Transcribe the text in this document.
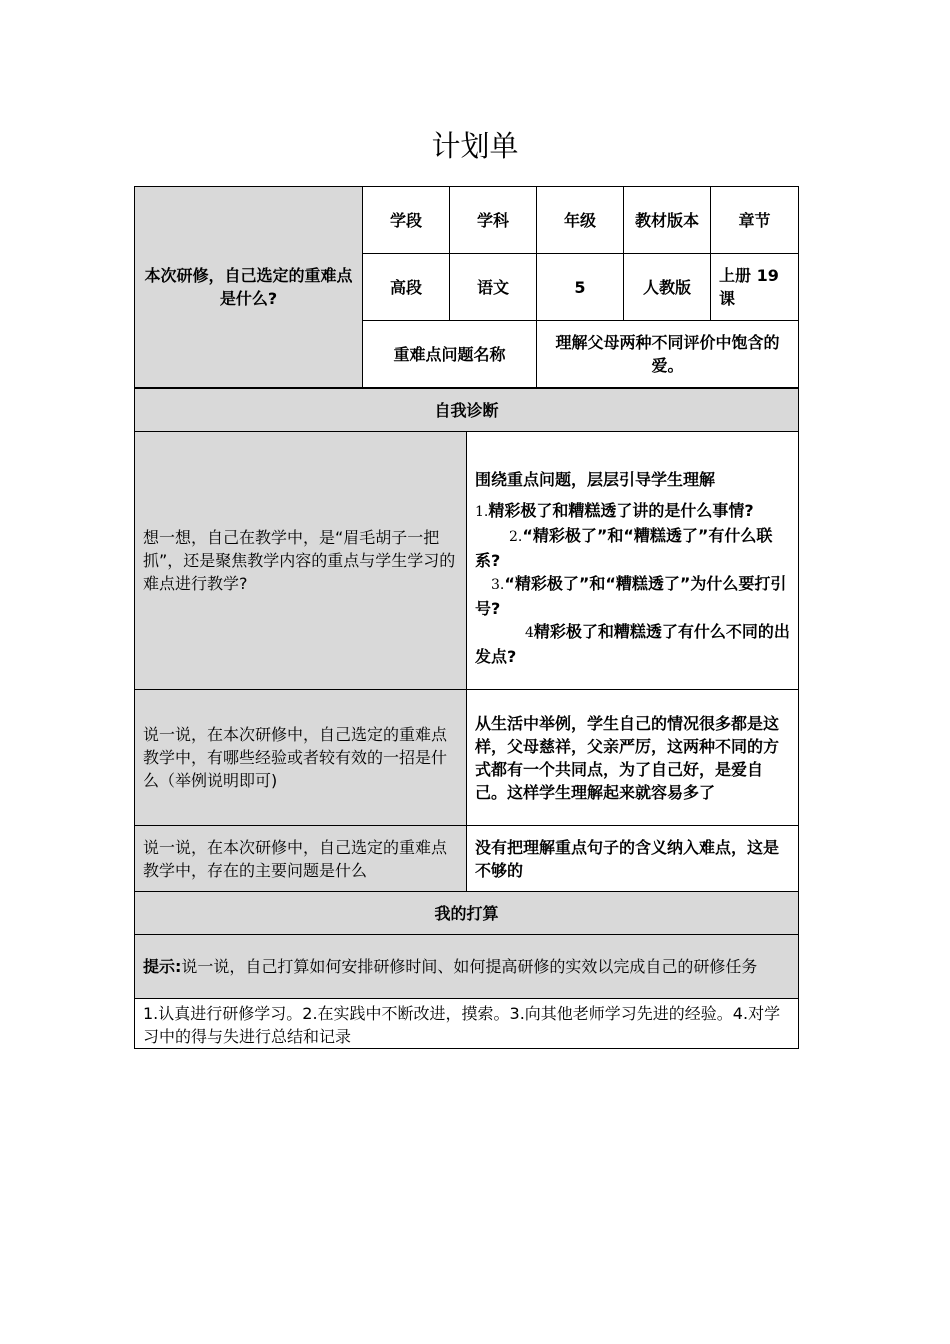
计划单
本次研修，自己选定的重难点是什么?	学段	学科	年级	教材版本	章节
	高段	语文	5	人教版	上册 19课
	重难点问题名称		理解父母两种不同评价中饱含的爱。		
自我诊断	
想一想，自己在教学中，是“眉毛胡子一把抓”，还是聚焦教学内容的重点与学生学习的难点进行教学?	围绕重点问题，层层引导学生理解
1.精彩极了和糟糕透了讲的是什么事情?
2.“精彩极了”和“糟糕透了”有什么联系?
3.“精彩极了”和“糟糕透了”为什么要打引号?
4精彩极了和糟糕透了有什么不同的出发点?

说一说，在本次研修中，自己选定的重难点教学中，有哪些经验或者较有效的一招是什么（举例说明即可)	从生活中举例，学生自己的情况很多都是这样，父母慈祥，父亲严厉，这两种不同的方式都有一个共同点，为了自己好，是爱自己。这样学生理解起来就容易多了
说一说，在本次研修中，自己选定的重难点教学中，存在的主要问题是什么	没有把理解重点句子的含义纳入难点，这是不够的
我的打算	
提示:说一说，自己打算如何安排研修时间、如何提高研修的实效以完成自己的研修任务	
1.认真进行研修学习。2.在实践中不断改进，摸索。3.向其他老师学习先进的经验。4.对学习中的得与失进行总结和记录	
